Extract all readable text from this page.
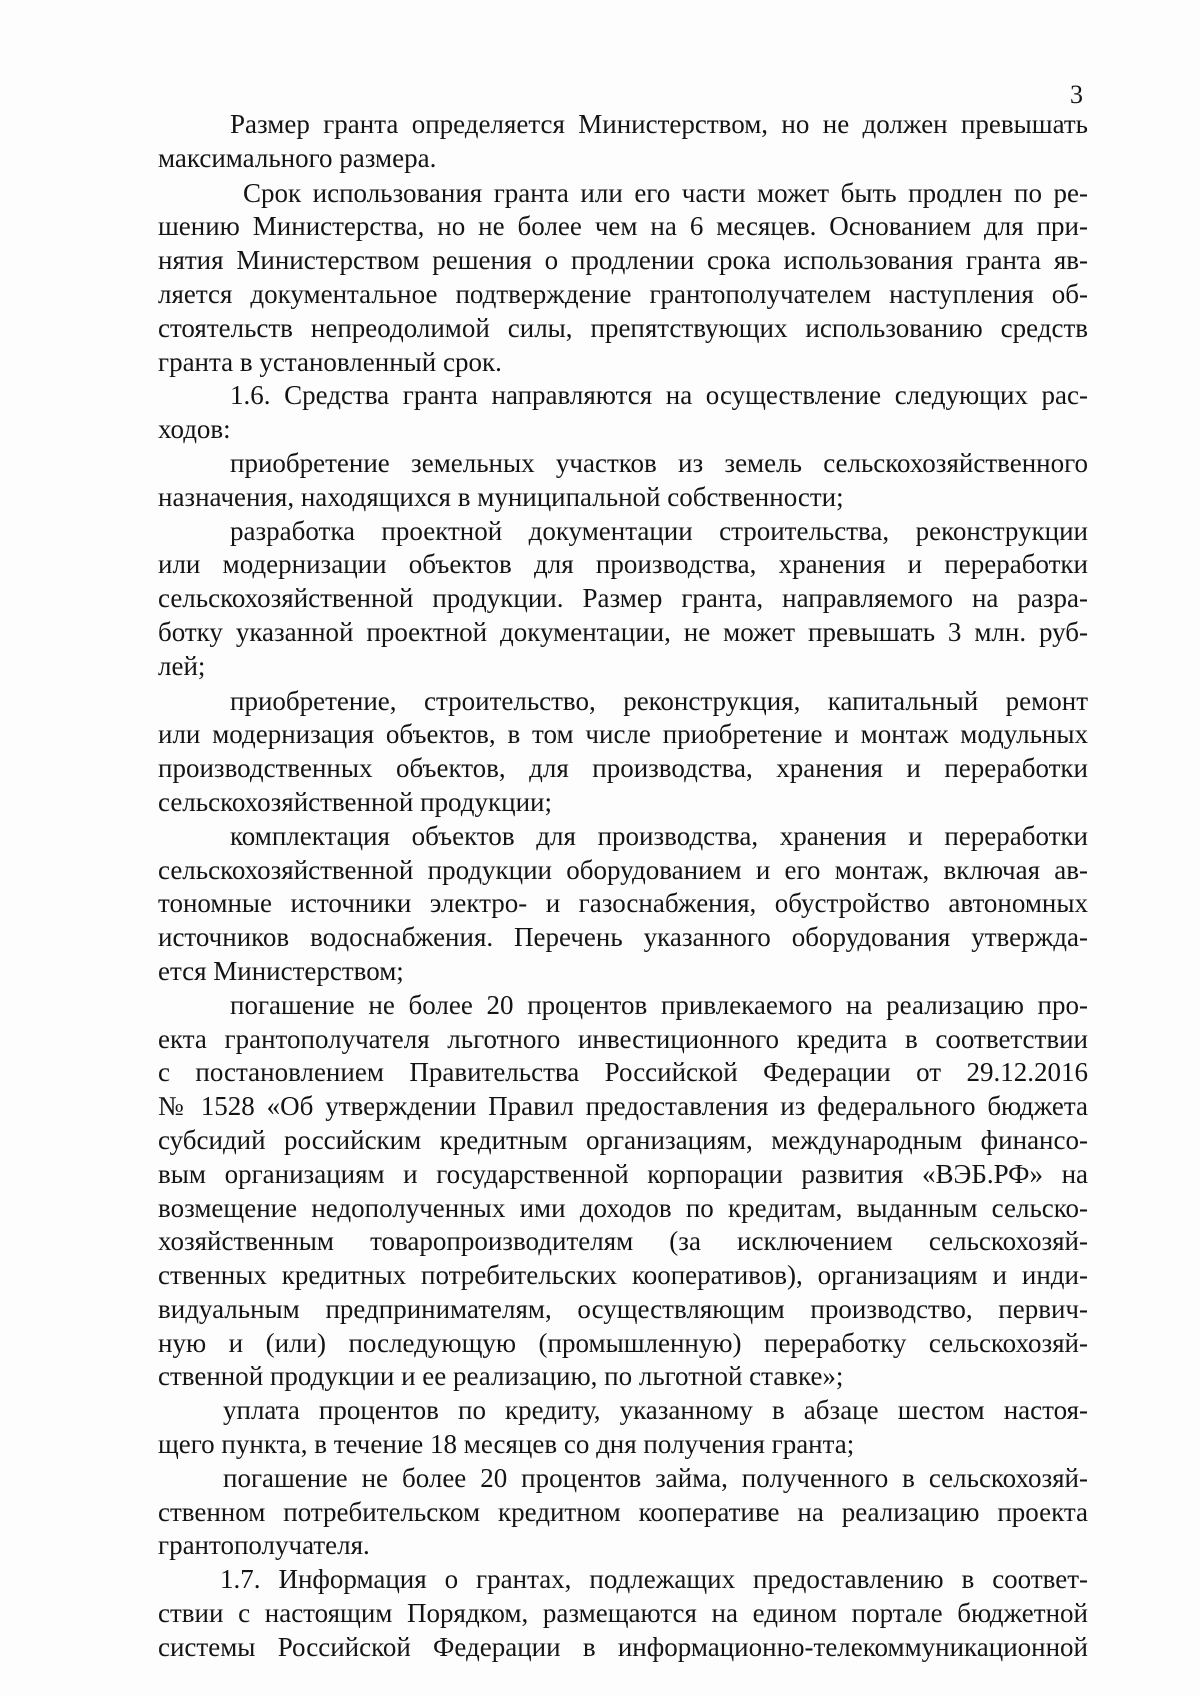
3
Размер гранта определяется Министерством, но не должен превышать
максимального размера.
Срок использования гранта или его части может быть продлен по ре-
шению Министерства, но не более чем на 6 месяцев. Основанием для при-
нятия Министерством решения о продлении срока использования гранта яв-
ляется документальное подтверждение грантополучателем наступления об-
стоятельств непреодолимой силы, препятствующих использованию средств
гранта в установленный срок.
1.6. Средства гранта направляются на осуществление следующих рас-
ходов:
приобретение земельных участков из земель сельскохозяйственного
назначения, находящихся в муниципальной собственности;
разработка проектной документации строительства, реконструкции
или модернизации объектов для производства, хранения и переработки
сельскохозяйственной продукции. Размер гранта, направляемого на разра-
ботку указанной проектной документации, не может превышать 3 млн. руб-
лей;
приобретение, строительство, реконструкция, капитальный ремонт
или модернизация объектов, в том числе приобретение и монтаж модульных
производственных объектов, для производства, хранения и переработки
сельскохозяйственной продукции;
комплектация объектов для производства, хранения и переработки
сельскохозяйственной продукции оборудованием и его монтаж, включая ав-
тономные источники электро- и газоснабжения, обустройство автономных
источников водоснабжения. Перечень указанного оборудования утвержда-
ется Министерством;
погашение не более 20 процентов привлекаемого на реализацию про-
екта грантополучателя льготного инвестиционного кредита в соответствии
с постановлением Правительства Российской Федерации от 29.12.2016
№ 1528 «Об утверждении Правил предоставления из федерального бюджета
субсидий российским кредитным организациям, международным финансо-
вым организациям и государственной корпорации развития «ВЭБ.РФ» на
возмещение недополученных ими доходов по кредитам, выданным сельско-
хозяйственным товаропроизводителям (за исключением сельскохозяй-
ственных кредитных потребительских кооперативов), организациям и инди-
видуальным предпринимателям, осуществляющим производство, первич-
ную и (или) последующую (промышленную) переработку сельскохозяй-
ственной продукции и ее реализацию, по льготной ставке»;
уплата процентов по кредиту, указанному в абзаце шестом настоя-
щего пункта, в течение 18 месяцев со дня получения гранта;
погашение не более 20 процентов займа, полученного в сельскохозяй-
ственном потребительском кредитном кооперативе на реализацию проекта
грантополучателя.
1.7. Информация о грантах, подлежащих предоставлению в соответ-
ствии с настоящим Порядком, размещаются на едином портале бюджетной
системы Российской Федерации в информационно-телекоммуникационной
